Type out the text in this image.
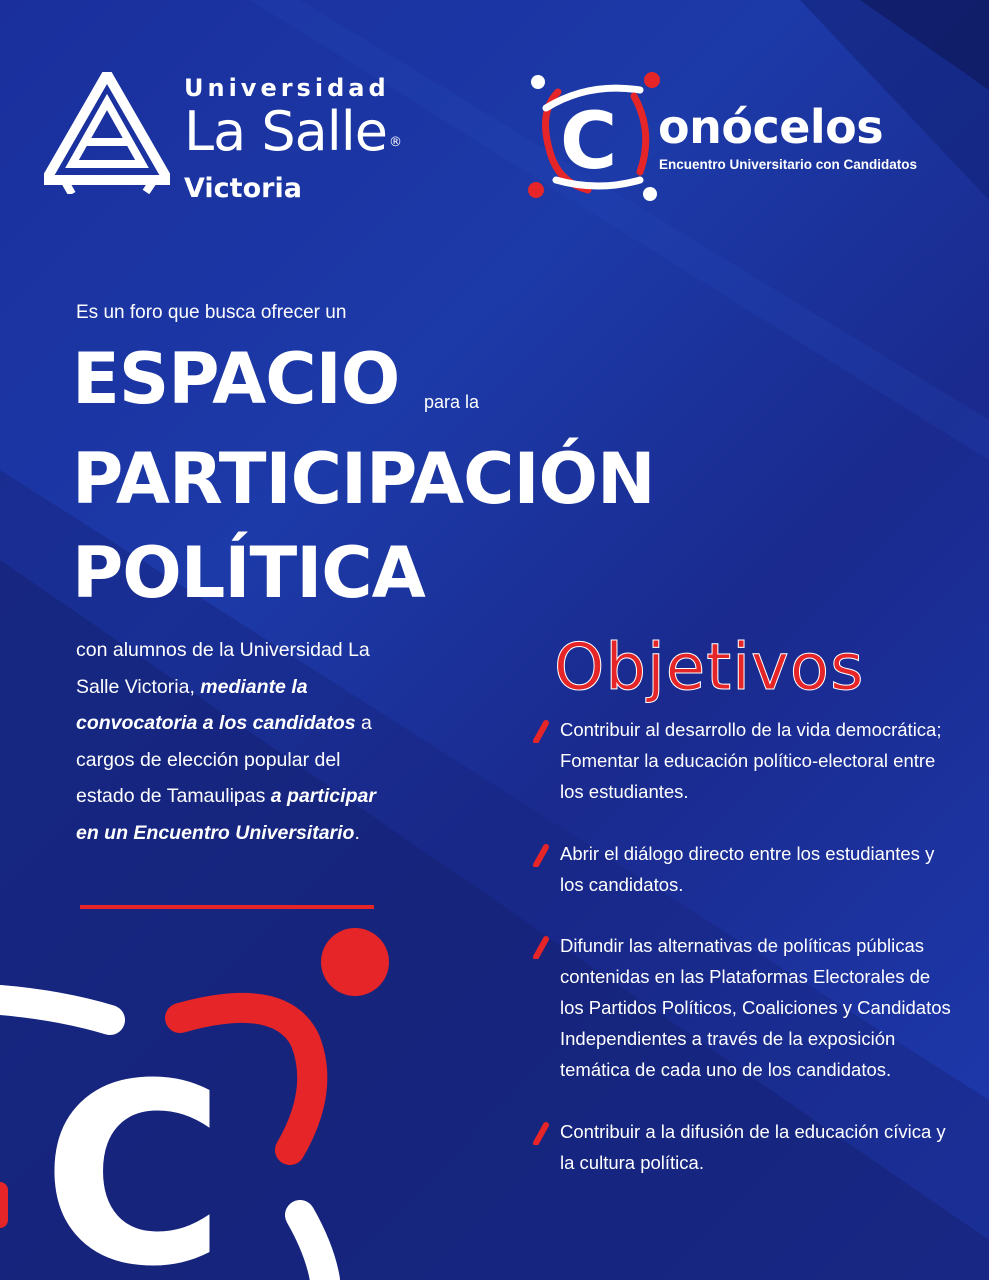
C
Universidad
La Salle ®
Victoria
C onócelos
Encuentro Universitario con Candidatos
Es un foro que busca ofrecer un
ESPACIO para la
PARTICIPACIÓN
POLÍTICA
con alumnos de la Universidad La Salle Victoria, mediante la convocatoria a los candidatos a cargos de elección popular del estado de Tamaulipas a participar en un Encuentro Universitario.
Objetivos
Contribuir al desarrollo de la vida democrática; Fomentar la educación político-electoral entre los estudiantes.
Abrir el diálogo directo entre los estudiantes y los candidatos.
Difundir las alternativas de políticas públicas contenidas en las Plataformas Electorales de los Partidos Políticos, Coaliciones y Candidatos Independientes a través de la exposición temática de cada uno de los candidatos.
Contribuir a la difusión de la educación cívica y la cultura política.
